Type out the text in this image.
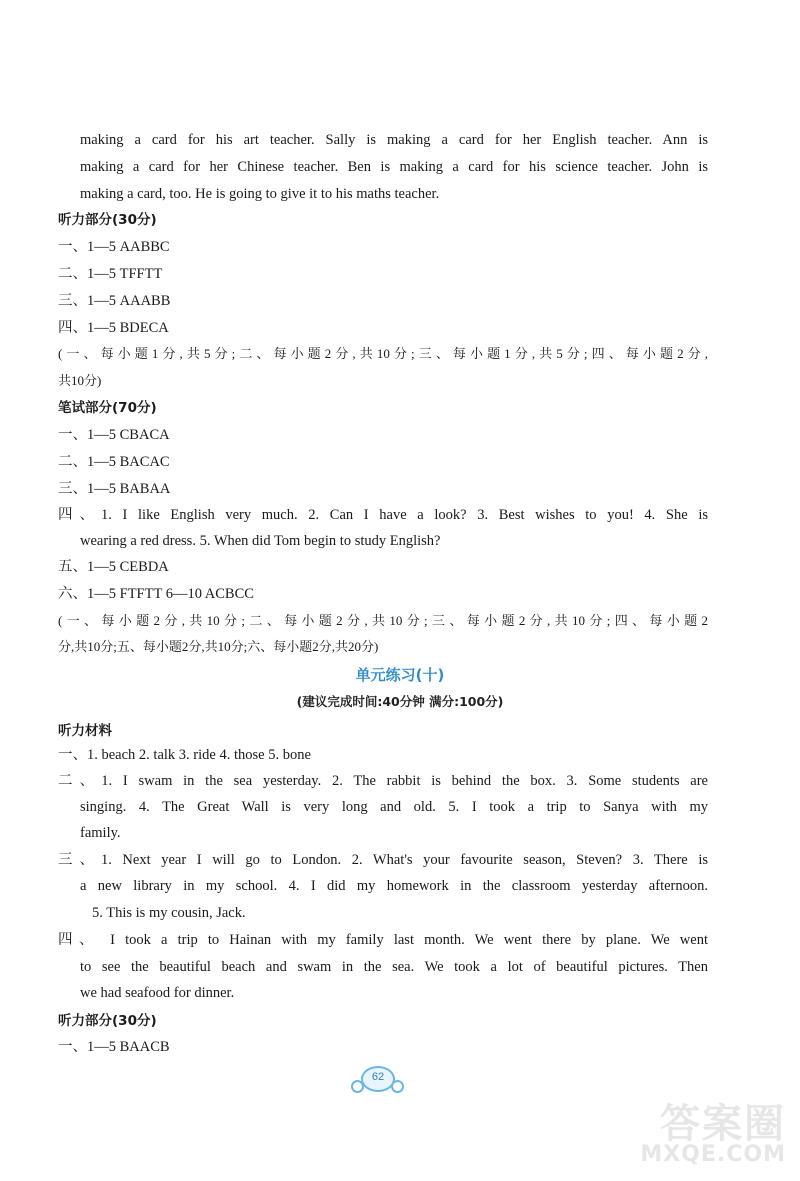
making a card for his art teacher. Sally is making a card for her English teacher. Ann is
making a card for her Chinese teacher. Ben is making a card for his science teacher. John is
making a card, too. He is going to give it to his maths teacher.
听力部分(30分)
一、1—5 AABBC
二、1—5 TFFTT
三、1—5 AAABB
四、1—5 BDECA
(一、每小题1分,共5分;二、每小题2分,共10分;三、每小题1分,共5分;四、每小题2分,
共10分)
笔试部分(70分)
一、1—5 CBACA
二、1—5 BACAC
三、1—5 BABAA
四、1. I like English very much. 2. Can I have a look? 3. Best wishes to you! 4. She is
wearing a red dress. 5. When did Tom begin to study English?
五、1—5 CEBDA
六、1—5 FTFTT 6—10 ACBCC
(一、每小题2分,共10分;二、每小题2分,共10分;三、每小题2分,共10分;四、每小题2
分,共10分;五、每小题2分,共10分;六、每小题2分,共20分)
单元练习(十)
(建议完成时间:40分钟 满分:100分)
听力材料
一、1. beach 2. talk 3. ride 4. those 5. bone
二、1. I swam in the sea yesterday. 2. The rabbit is behind the box. 3. Some students are
singing. 4. The Great Wall is very long and old. 5. I took a trip to Sanya with my
family.
三、1. Next year I will go to London. 2. What's your favourite season, Steven? 3. There is
a new library in my school. 4. I did my homework in the classroom yesterday afternoon.
5. This is my cousin, Jack.
四、 I took a trip to Hainan with my family last month. We went there by plane. We went
to see the beautiful beach and swam in the sea. We took a lot of beautiful pictures. Then
we had seafood for dinner.
听力部分(30分)
一、1—5 BAACB
62
答案圈
MXQE.COM
